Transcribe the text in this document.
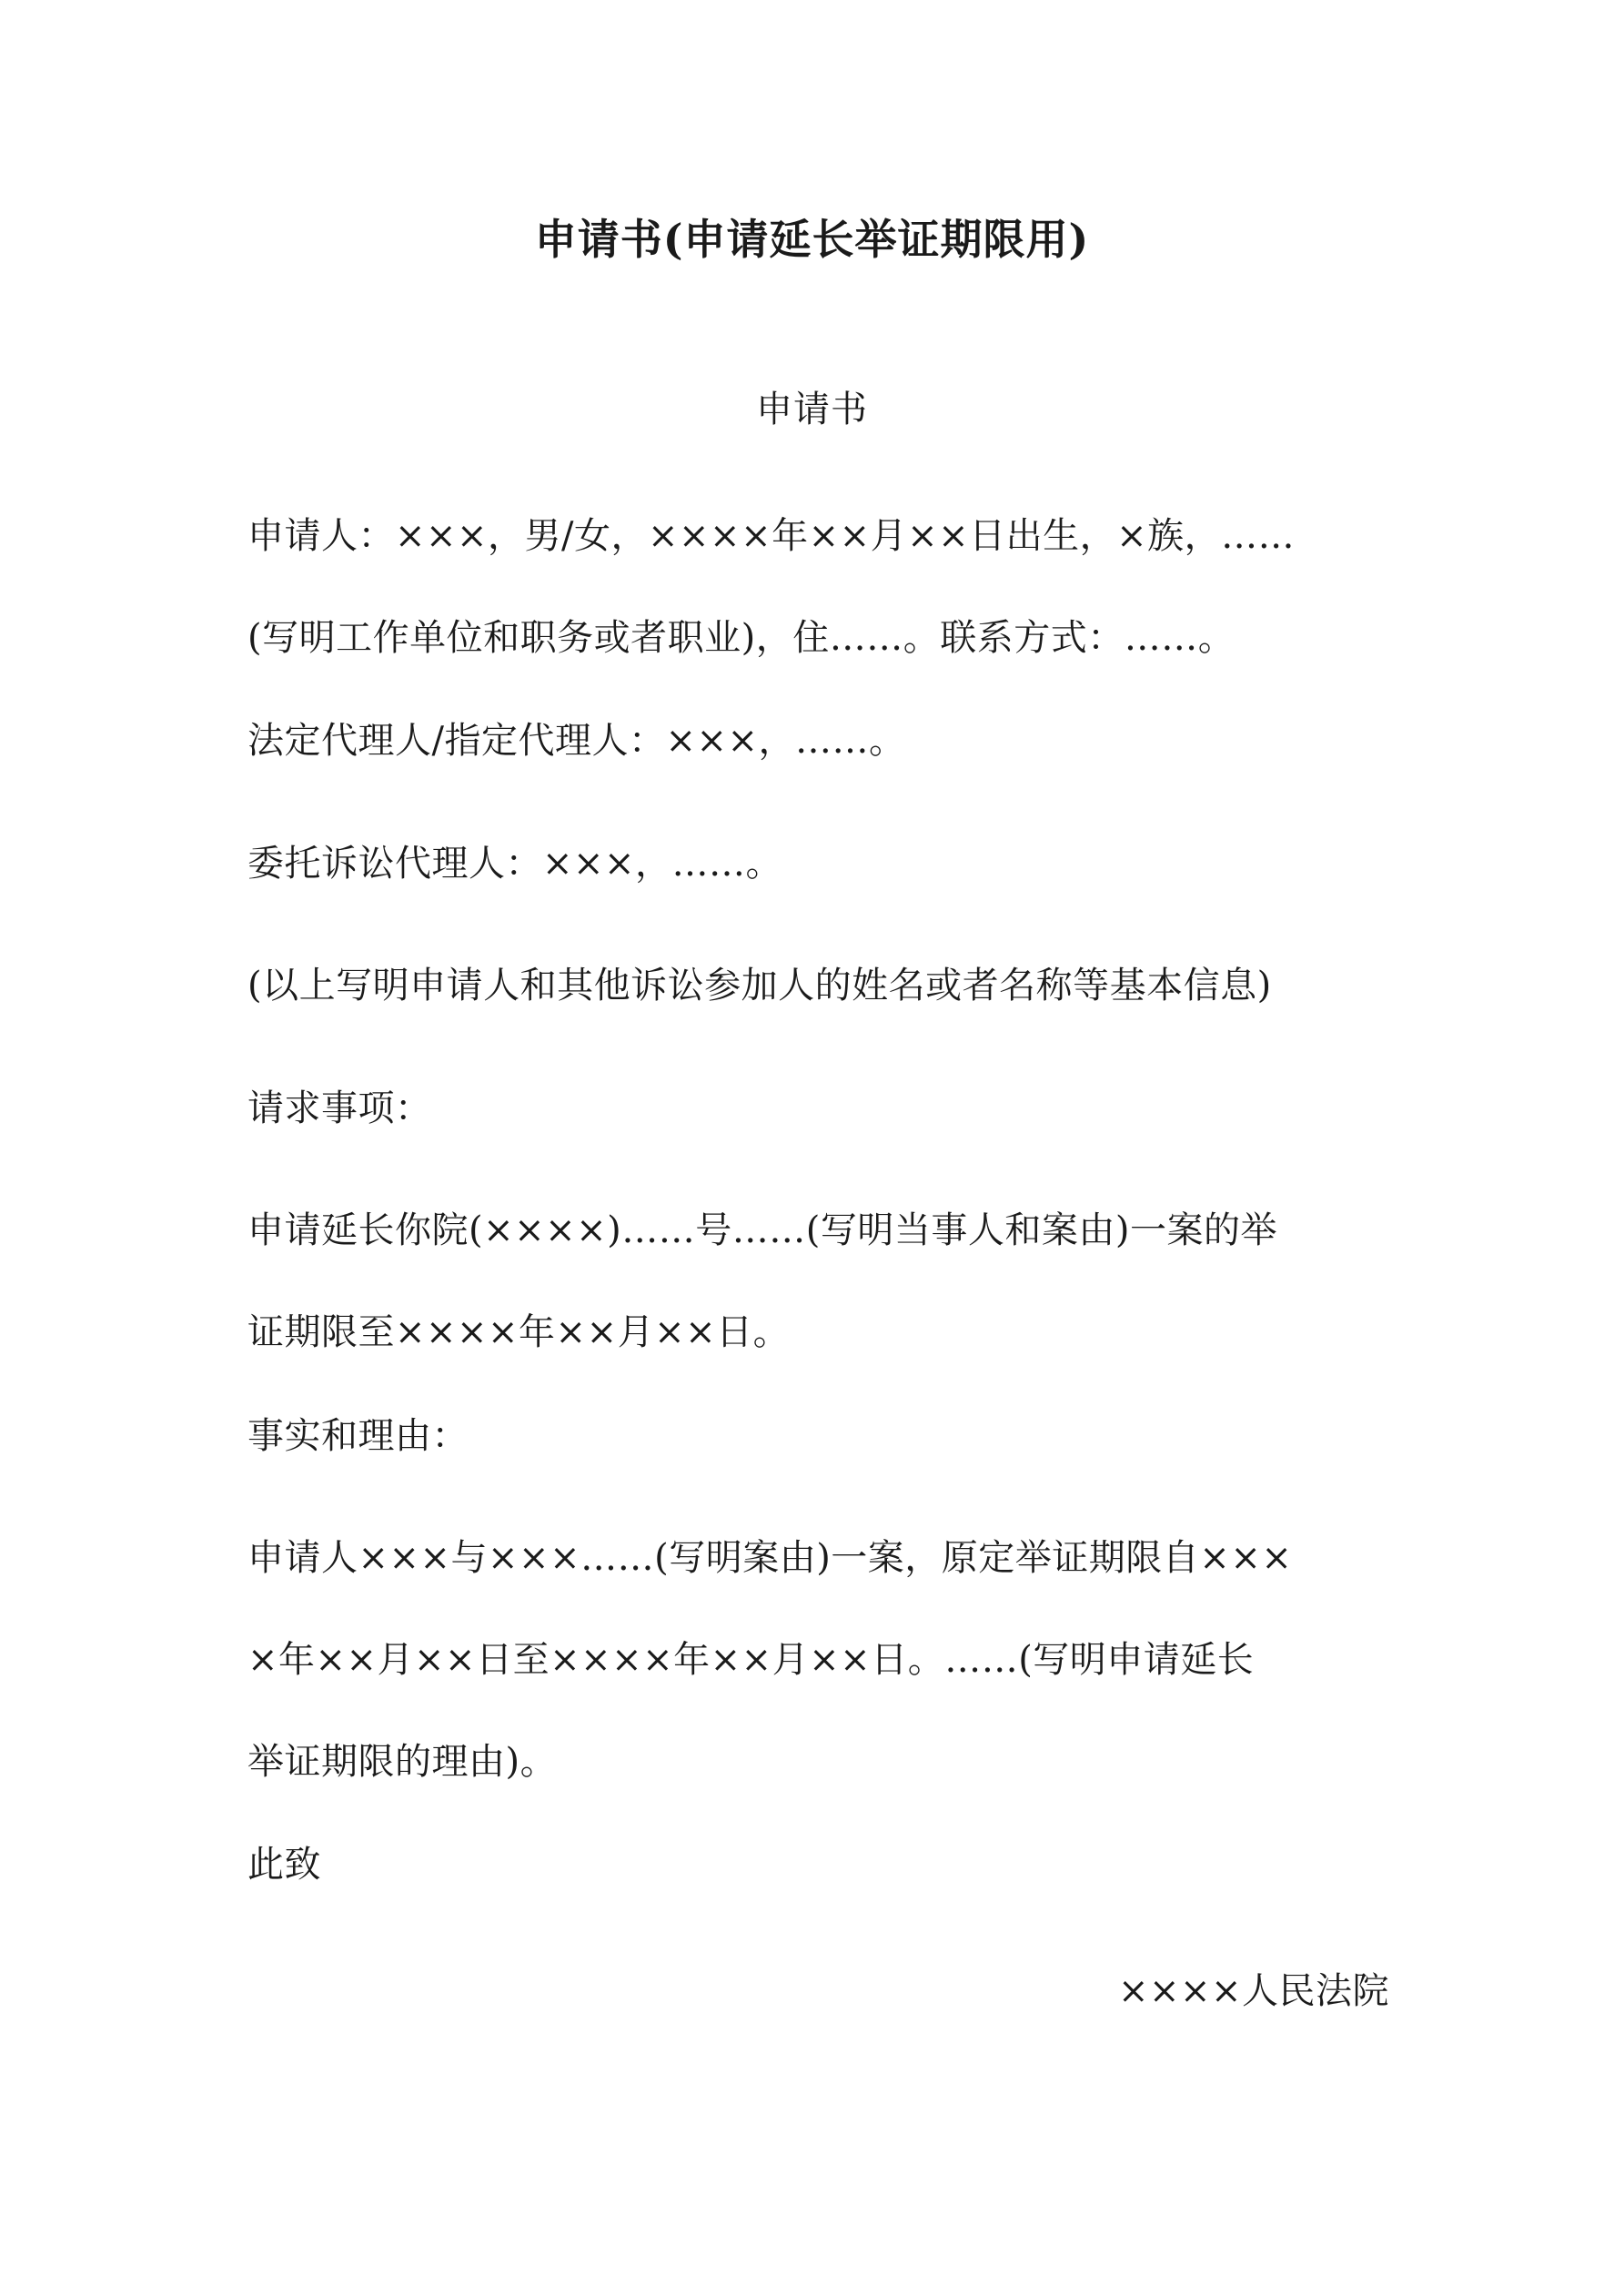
申请书(申请延长举证期限用)
申请书
申请人：×××，男/女，××××年××月××日出生，×族，……
(写明工作单位和职务或者职业)，住……。联系方式：……。
法定代理人/指定代理人：×××，……。
委托诉讼代理人：×××，……。
(以上写明申请人和其他诉讼参加人的姓名或者名称等基本信息)
请求事项：
申请延长你院(××××)……号……(写明当事人和案由)一案的举
证期限至××××年××月××日。
事实和理由：
申请人×××与×××……(写明案由)一案，原定举证期限自×××
×年××月××日至××××年××月××日。……(写明申请延长
举证期限的理由)。
此致
××××人民法院
